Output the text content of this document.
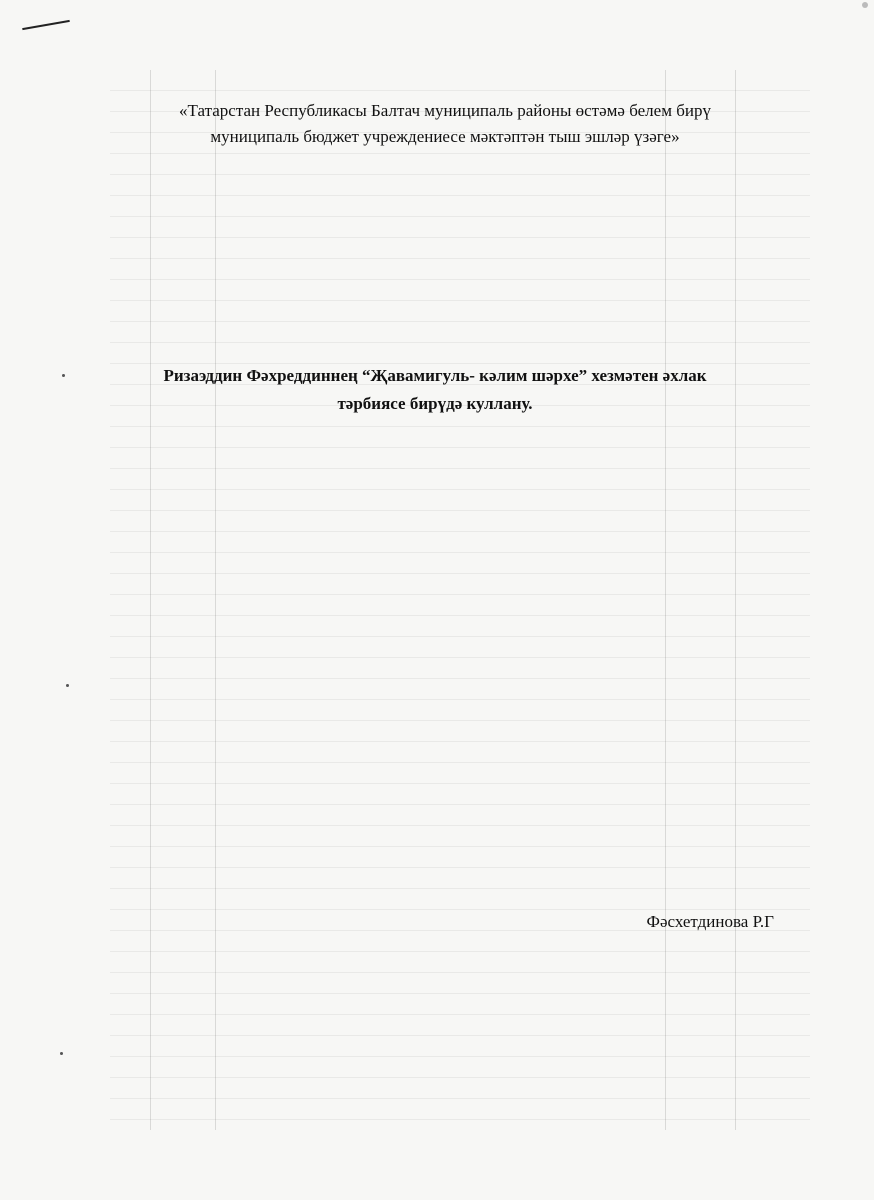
«Татарстан Республикасы Балтач муниципаль районы өстәмә белем бирү
муниципаль бюджет учреждениесе мәктәптән тыш эшләр үзәге»
Ризаэддин Фәхреддиннең “Җавамигуль- кәлим шәрхе” хезмәтен әхлак
тәрбиясе бирүдә куллану.
Фәсхетдинова Р.Г
